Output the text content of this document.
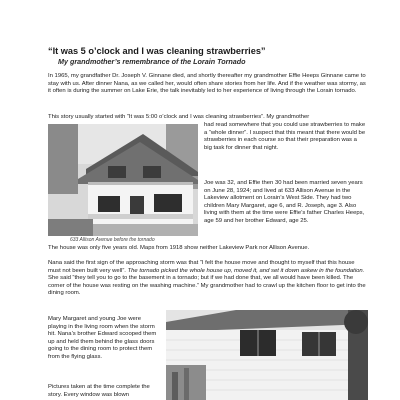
“It was 5 o’clock and I was cleaning strawberries”
My grandmother’s remembrance of the Lorain Tornado
In 1965, my grandfather Dr. Joseph V. Ginnane died, and shortly thereafter my grandmother Effie Heeps Ginnane came to stay with us. After dinner Nana, as we called her, would often share stories from her life. And if the weather was stormy, as it often is during the summer on Lake Erie, the talk inevitably led to her experience of living through the Lorain tornado.
This story usually started with “It was 5:00 o’clock and I was cleaning strawberries”. My grandmother
had read somewhere that you could use strawberries to make a “whole dinner”. I suspect that this meant that there would be strawberries in each course so that their preparation was a big task for dinner that night.
633 Allison Avenue before the tornado
Joe was 32, and Effie then 30 had been married seven years on June 28, 1924; and lived at 633 Allison Avenue in the Lakeview allotment on Lorain’s West Side. They had two children Mary Margaret, age 6, and R. Joseph, age 3. Also living with them at the time were Effie’s father Charles Heeps, age 59 and her brother Edward, age 25.
The house was only five years old. Maps from 1918 show neither Lakeview Park nor Allison Avenue.
Nana said the first sign of the approaching storm was that “I felt the house move and thought to myself that this house must not been built very well”. The tornado picked the whole house up, moved it, and set it down askew in the foundation. She said “they tell you to go to the basement in a tornado; but if we had done that, we all would have been killed. The corner of the house was resting on the washing machine.” My grandmother had to crawl up the kitchen floor to get into the dining room.
Mary Margaret and young Joe were playing in the living room when the storm hit. Nana’s brother Edward scooped them up and held them behind the glass doors going to the dining room to protect them from the flying glass.
Pictures taken at the time complete the story. Every window was blown
